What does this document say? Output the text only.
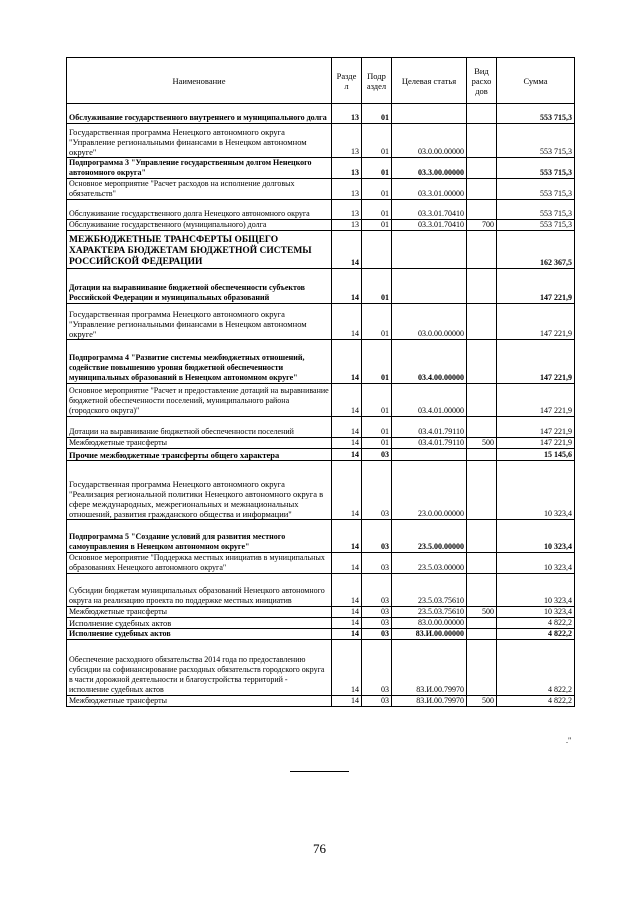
Наименование	Разде л	Подр аздел	Целевая статья	Вид расхо дов	Сумма
Обслуживание государственного внутреннего и муниципального долга	13	01			553 715,3
Государственная программа Ненецкого автономного округа "Управление региональными финансами в Ненецком автономном округе"	13	01	03.0.00.00000		553 715,3
Подпрограмма 3 "Управление государственным долгом Ненецкого автономного округа"	13	01	03.3.00.00000		553 715,3
Основное мероприятие "Расчет расходов на исполнение долговых обязательств"	13	01	03.3.01.00000		553 715,3
Обслуживание государственного долга Ненецкого автономного округа	13	01	03.3.01.70410		553 715,3
Обслуживание государственного (муниципального) долга	13	01	03.3.01.70410	700	553 715,3
МЕЖБЮДЖЕТНЫЕ ТРАНСФЕРТЫ ОБЩЕГО ХАРАКТЕРА БЮДЖЕТАМ БЮДЖЕТНОЙ СИСТЕМЫ РОССИЙСКОЙ ФЕДЕРАЦИИ	14				162 367,5
Дотации на выравнивание бюджетной обеспеченности субъектов Российской Федерации и муниципальных образований	14	01			147 221,9
Государственная программа Ненецкого автономного округа "Управление региональными финансами в Ненецком автономном округе"	14	01	03.0.00.00000		147 221,9
Подпрограмма 4 "Развитие системы межбюджетных отношений, содействие повышению уровня бюджетной обеспеченности муниципальных образований в Ненецком автономном округе"	14	01	03.4.00.00000		147 221,9
Основное мероприятие "Расчет и предоставление дотаций на выравнивание бюджетной обеспеченности поселений, муниципального района (городского округа)"	14	01	03.4.01.00000		147 221,9
Дотации на выравнивание бюджетной обеспеченности поселений	14	01	03.4.01.79110		147 221,9
Межбюджетные трансферты	14	01	03.4.01.79110	500	147 221,9
Прочие межбюджетные трансферты общего характера	14	03			15 145,6
Государственная программа Ненецкого автономного округа "Реализация региональной политики Ненецкого автономного округа в сфере международных, межрегиональных и межнациональных отношений, развития гражданского общества и информации"	14	03	23.0.00.00000		10 323,4
Подпрограмма 5 "Создание условий для развития местного самоуправления в Ненецком автономном округе"	14	03	23.5.00.00000		10 323,4
Основное мероприятие "Поддержка местных инициатив в муниципальных образованиях Ненецкого автономного округа"	14	03	23.5.03.00000		10 323,4
Субсидии бюджетам муниципальных образований Ненецкого автономного округа на реализацию проекта по поддержке местных инициатив	14	03	23.5.03.75610		10 323,4
Межбюджетные трансферты	14	03	23.5.03.75610	500	10 323,4
Исполнение судебных актов	14	03	83.0.00.00000		4 822,2
Исполнение судебных актов	14	03	83.И.00.00000		4 822,2
Обеспечение расходного обязательства 2014 года по предоставлению субсидии на софинансирование расходных обязательств городского округа в части дорожной деятельности и благоустройства территорий - исполнение судебных актов	14	03	83.И.00.79970		4 822,2
Межбюджетные трансферты	14	03	83.И.00.79970	500	4 822,2
."
76
